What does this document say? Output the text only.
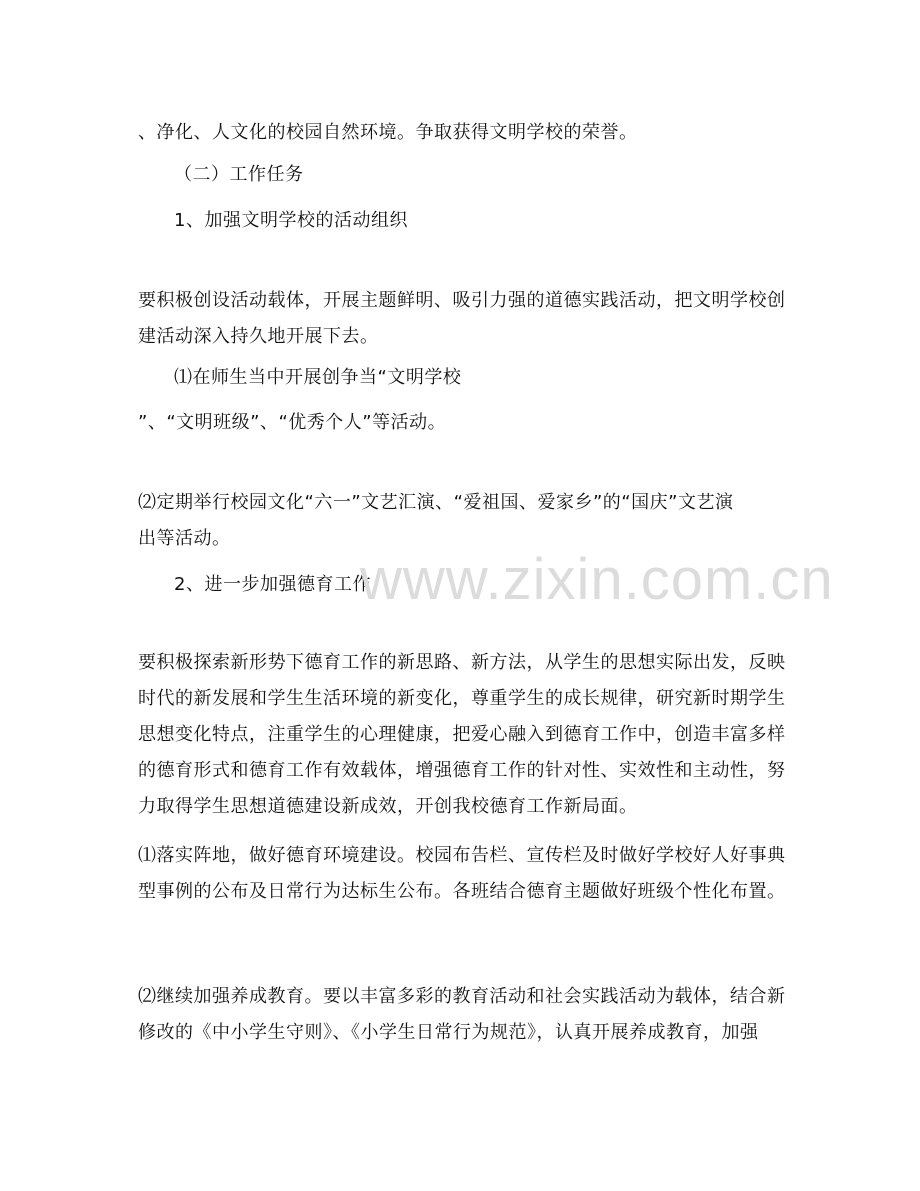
、净化、人文化的校园自然环境。争取获得文明学校的荣誉。
（二）工作任务
1、加强文明学校的活动组织
要积极创设活动载体，开展主题鲜明、吸引力强的道德实践活动，把文明学校创
建活动深入持久地开展下去。
⑴在师生当中开展创争当“文明学校
”、“文明班级”、“优秀个人”等活动。
⑵定期举行校园文化“六一”文艺汇演、“爱祖国、爱家乡”的“国庆”文艺演
出等活动。
2、进一步加强德育工作
要积极探索新形势下德育工作的新思路、新方法，从学生的思想实际出发，反映
时代的新发展和学生生活环境的新变化，尊重学生的成长规律，研究新时期学生
思想变化特点，注重学生的心理健康，把爱心融入到德育工作中，创造丰富多样
的德育形式和德育工作有效载体，增强德育工作的针对性、实效性和主动性，努
力取得学生思想道德建设新成效，开创我校德育工作新局面。
⑴落实阵地，做好德育环境建设。校园布告栏、宣传栏及时做好学校好人好事典
型事例的公布及日常行为达标生公布。各班结合德育主题做好班级个性化布置。
⑵继续加强养成教育。要以丰富多彩的教育活动和社会实践活动为载体，结合新
修改的《中小学生守则》、《小学生日常行为规范》，认真开展养成教育，加强
www.zixin.com.cn
